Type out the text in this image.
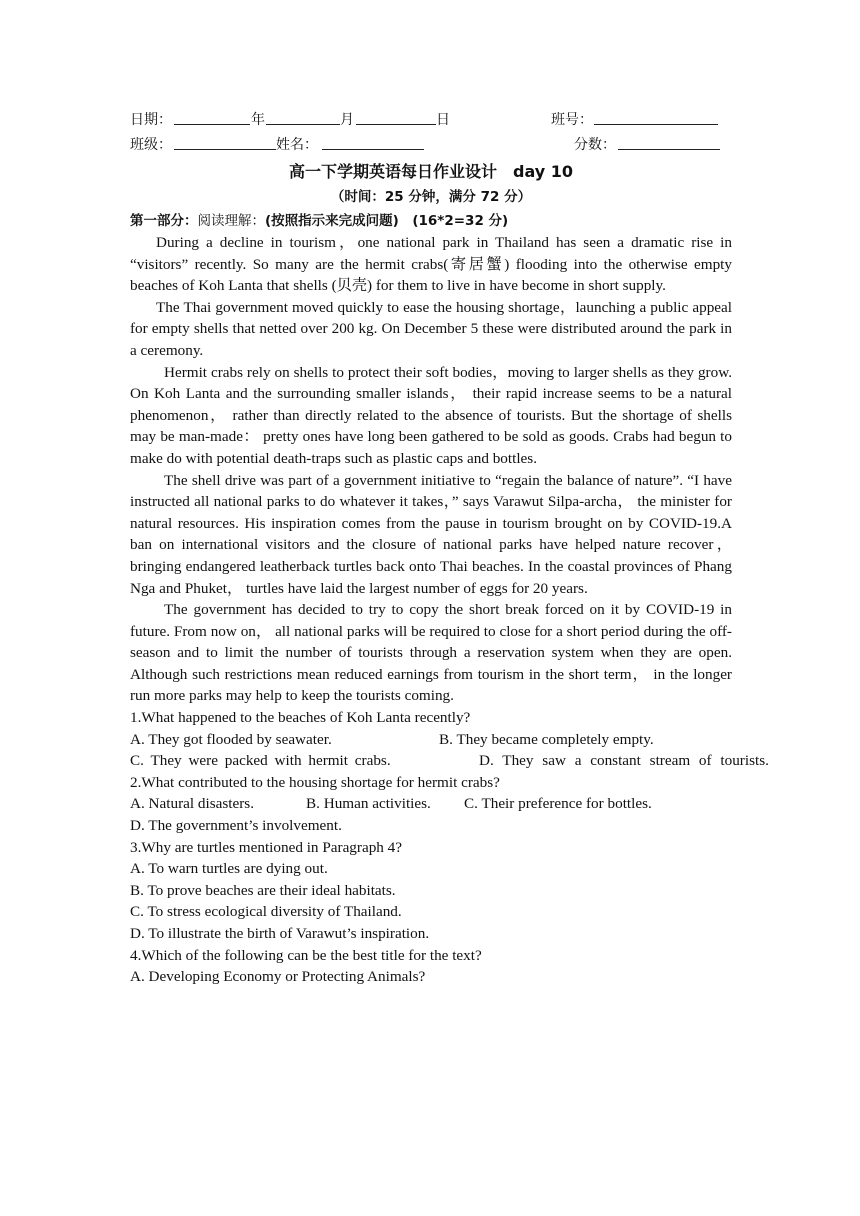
日期：	年	月	日	班号：
班级：	姓名：	分数：
高一下学期英语每日作业设计　day 10
（时间：25 分钟，满分 72 分）
第一部分：阅读理解：(按照指示来完成问题)　(16*2=32 分)

During a decline in tourism，one national park in Thailand has seen a dramatic rise in “visitors” recently. So many are the hermit crabs(寄居蟹) flooding into the otherwise empty beaches of Koh Lanta that shells (贝壳) for them to live in have become in short supply.

The Thai government moved quickly to ease the housing shortage，launching a public appeal for empty shells that netted over 200 kg. On December 5 these were distributed around the park in a ceremony.

Hermit crabs rely on shells to protect their soft bodies，moving to larger shells as they grow. On Koh Lanta and the surrounding smaller islands， their rapid increase seems to be a natural phenomenon， rather than directly related to the absence of tourists. But the shortage of shells may be man-made： pretty ones have long been gathered to be sold as goods. Crabs had begun to make do with potential death-traps such as plastic caps and bottles.

The shell drive was part of a government initiative to “regain the balance of nature”. “I have instructed all national parks to do whatever it takes，” says Varawut Silpa-archa， the minister for natural resources. His inspiration comes from the pause in tourism brought on by COVID-19.A ban on international visitors and the closure of national parks have helped nature recover， bringing endangered leatherback turtles back onto Thai beaches. In the coastal provinces of Phang Nga and Phuket， turtles have laid the largest number of eggs for 20 years.

The government has decided to try to copy the short break forced on it by COVID-19 in future. From now on， all national parks will be required to close for a short period during the off-season and to limit the number of tourists through a reservation system when they are open. Although such restrictions mean reduced earnings from tourism in the short term， in the longer run more parks may help to keep the tourists coming.

1.What happened to the beaches of Koh Lanta recently?
A. They got flooded by seawater.	B. They became completely empty.
C. They were packed with hermit crabs.	D. They saw a constant stream of tourists.
2.What contributed to the housing shortage for hermit crabs?
A. Natural disasters.	B. Human activities. C. Their preference for bottles.
D. The government’s involvement.
3.Why are turtles mentioned in Paragraph 4?
A. To warn turtles are dying out.
B. To prove beaches are their ideal habitats.
C. To stress ecological diversity of Thailand.
D. To illustrate the birth of Varawut’s inspiration.
4.Which of the following can be the best title for the text?
A. Developing Economy or Protecting Animals?
